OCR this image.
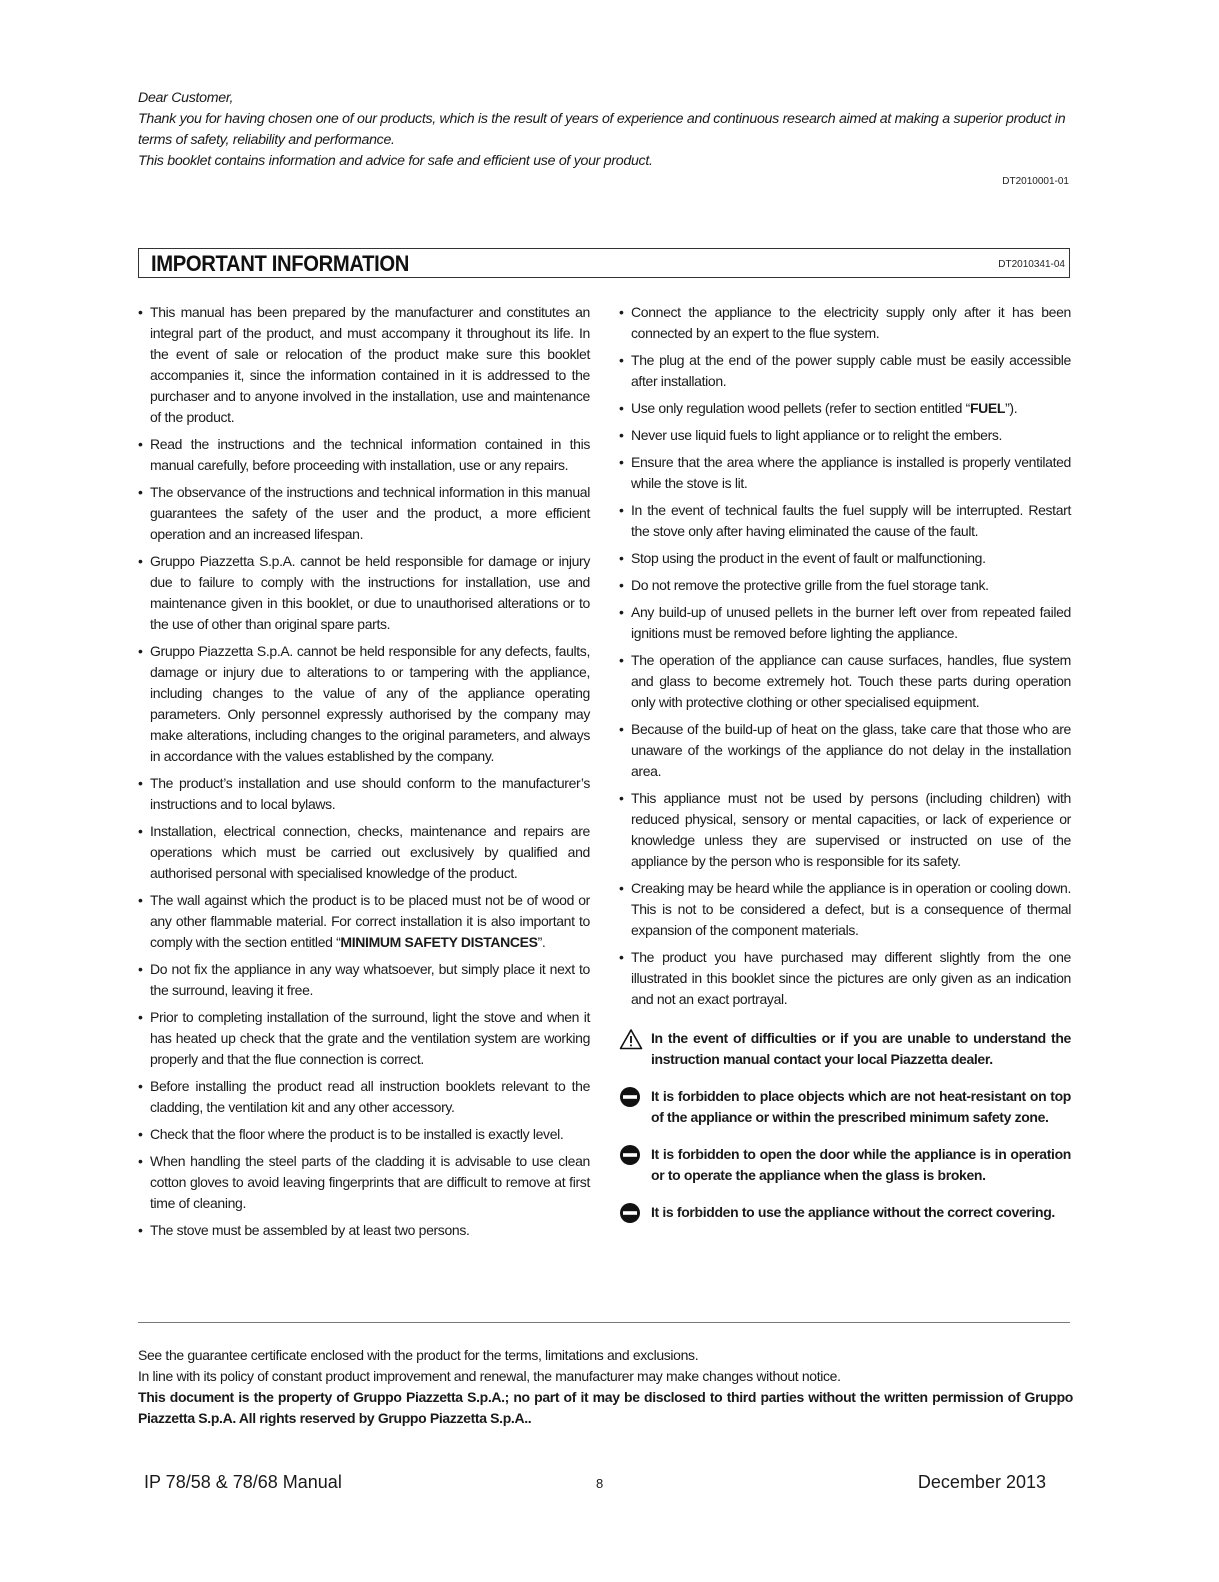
Dear Customer,

Thank you for having chosen one of our products, which is the result of years of experience and continuous research aimed at making a superior product in terms of safety, reliability and performance.

This booklet contains information and advice for safe and efficient use of your product.

DT2010001-01
IMPORTANT INFORMATION	DT2010341-04

• This manual has been prepared by the manufacturer and constitutes an integral part of the product, and must accompany it throughout its life. In the event of sale or relocation of the product make sure this booklet accompanies it, since the information contained in it is addressed to the purchaser and to anyone involved in the installation, use and maintenance of the product.

• Read the instructions and the technical information contained in this manual carefully, before proceeding with installation, use or any repairs.

• The observance of the instructions and technical information in this manual guarantees the safety of the user and the product, a more efficient operation and an increased lifespan.

• Gruppo Piazzetta S.p.A. cannot be held responsible for damage or injury due to failure to comply with the instructions for installation, use and maintenance given in this booklet, or due to unauthorised alterations or to the use of other than original spare parts.

• Gruppo Piazzetta S.p.A. cannot be held responsible for any defects, faults, damage or injury due to alterations to or tampering with the appliance, including changes to the value of any of the appliance operating parameters. Only personnel expressly authorised by the company may make alterations, including changes to the original parameters, and always in accordance with the values established by the company.

• The product’s installation and use should conform to the manufacturer’s instructions and to local bylaws.

• Installation, electrical connection, checks, maintenance and repairs are operations which must be carried out exclusively by qualified and authorised personal with specialised knowledge of the product.

• The wall against which the product is to be placed must not be of wood or any other flammable material. For correct installation it is also important to comply with the section entitled “MINIMUM SAFETY DISTANCES”.

• Do not fix the appliance in any way whatsoever, but simply place it next to the surround, leaving it free.

• Prior to completing installation of the surround, light the stove and when it has heated up check that the grate and the ventilation system are working properly and that the flue connection is correct.

• Before installing the product read all instruction booklets relevant to the cladding, the ventilation kit and any other accessory.

• Check that the floor where the product is to be installed is exactly level.

• When handling the steel parts of the cladding it is advisable to use clean cotton gloves to avoid leaving fingerprints that are difficult to remove at first time of cleaning.

• The stove must be assembled by at least two persons.

• Connect the appliance to the electricity supply only after it has been connected by an expert to the flue system.

• The plug at the end of the power supply cable must be easily accessible after installation.

• Use only regulation wood pellets (refer to section entitled “FUEL”).

• Never use liquid fuels to light appliance or to relight the embers.

• Ensure that the area where the appliance is installed is properly ventilated while the stove is lit.

• In the event of technical faults the fuel supply will be interrupted. Restart the stove only after having eliminated the cause of the fault.

• Stop using the product in the event of fault or malfunctioning.

• Do not remove the protective grille from the fuel storage tank.

• Any build-up of unused pellets in the burner left over from repeated failed ignitions must be removed before lighting the appliance.

• The operation of the appliance can cause surfaces, handles, flue system and glass to become extremely hot. Touch these parts during operation only with protective clothing or other specialised equipment.

• Because of the build-up of heat on the glass, take care that those who are unaware of the workings of the appliance do not delay in the installation area.

• This appliance must not be used by persons (including children) with reduced physical, sensory or mental capacities, or lack of experience or knowledge unless they are supervised or instructed on use of the appliance by the person who is responsible for its safety.

• Creaking may be heard while the appliance is in operation or cooling down. This is not to be considered a defect, but is a consequence of thermal expansion of the component materials.

• The product you have purchased may different slightly from the one illustrated in this booklet since the pictures are only given as an indication and not an exact portrayal.

In the event of difficulties or if you are unable to understand the instruction manual contact your local Piazzetta dealer.
It is forbidden to place objects which are not heat-resistant on top of the appliance or within the prescribed minimum safety zone.
It is forbidden to open the door while the appliance is in operation or to operate the appliance when the glass is broken.
It is forbidden to use the appliance without the correct covering.

See the guarantee certificate enclosed with the product for the terms, limitations and exclusions.

In line with its policy of constant product improvement and renewal, the manufacturer may make changes without notice.

This document is the property of Gruppo Piazzetta S.p.A.; no part of it may be disclosed to third parties without the written permission of Gruppo Piazzetta S.p.A. All rights reserved by Gruppo Piazzetta S.p.A..

IP 78/58 & 78/68 Manual	8	December 2013
